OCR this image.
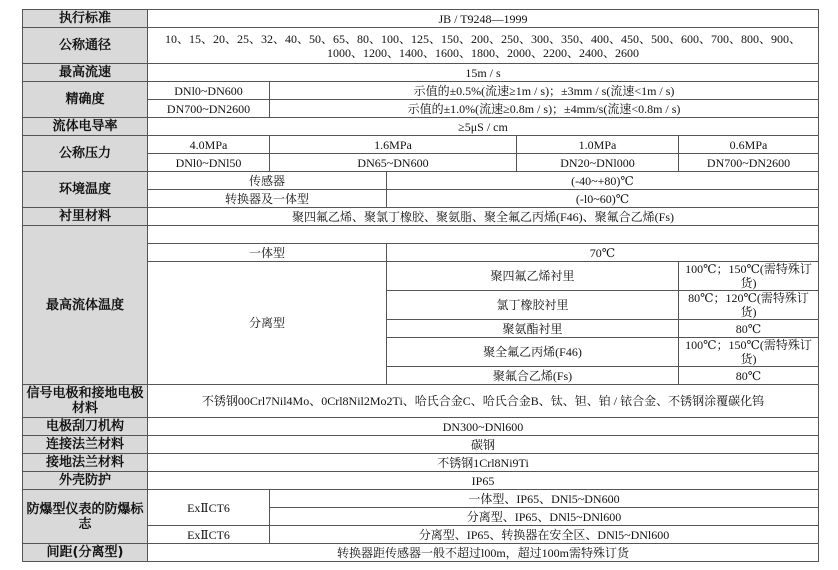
执行标准	JB / T9248—1999				
公称通径	10、15、20、25、32、40、50、65、80、100、125、150、200、250、300、350、400、450、500、600、700、800、900、1000、1200、1400、1600、1800、2000、2200、2400、2600				
最高流速	15m / s				
精确度	DNl0~DN600	示值的±0.5%(流速≥1m / s)；±3mm / s(流速<1m / s)			
	DN700~DN2600	示值的±1.0%(流速≥0.8m / s)；±4mm/s(流速<0.8m / s)			
流体电导率	≥5μS / cm				
公称压力	4.0MPa	1.6MPa		1.0MPa	0.6MPa
	DNl0~DNl50	DN65~DN600		DN20~DNl000	DN700~DN2600
环境温度	传感器		(-40~+80)℃		
	转换器及一体型		(-l0~60)℃		
衬里材料	聚四氟乙烯、聚氯丁橡胶、聚氨脂、聚全氟乙丙烯(F46)、聚氟合乙烯(Fs)				
最高流体温度					
	一体型		70℃		
	分离型		聚四氟乙烯衬里		100℃；150℃(需特殊订货)
			氯丁橡胶衬里		80℃；120℃(需特殊订货)
			聚氨酯衬里		80℃
			聚全氟乙丙烯(F46)		100℃；150℃(需特殊订货)
			聚氟合乙烯(Fs)		80℃
信号电极和接地电极材料	不锈钢00Crl7Nil4Mo、0Crl8Nil2Mo2Ti、哈氏合金C、哈氏合金B、钛、钽、铂 / 铱合金、不锈钢涂覆碳化钨				
电极刮刀机构	DN300~DNl600				
连接法兰材料	碳钢				
接地法兰材料	不锈钢1Crl8Ni9Ti				
外壳防护	IP65				
防爆型仪表的防爆标志	ExⅡCT6	一体型、IP65、DNl5~DN600			
		分离型、IP65、DNl5~DNl600			
	ExⅡCT6	分离型、IP65、转换器在安全区、DNl5~DNl600			
间距(分离型)	转换器距传感器一般不超过l00m，超过100m需特殊订货				
